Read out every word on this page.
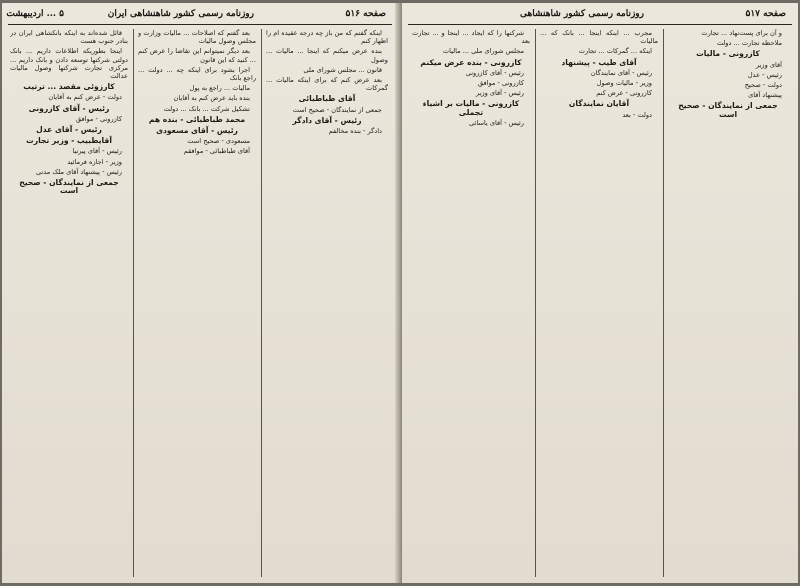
صفحه ۵۱۶
روزنامه رسمی کشور شاهنشاهی ایران
۵ ... اردیبهشت

قائل شده‌اند به اینکه بانکشاهی ایران در بنادر جنوب هست

اینجا بطوریکه اطلاعات داریم ... بانک دولتی شرکتها توسعه دادن و بانک داریم ... مرکزی تجارت شرکتها وصول مالیات عدالت

کارزوئی مقصد ... ترتیب

دولت - عرض کنم به آقایان

رئیس - آقای کازرونی

کازرونی - موافق

رئیس - آقای عدل

آقایطبیب - وزیر تجارت

رئیس - آقای پیرنیا

وزیر - اجازه فرمائید

رئیس - پیشنهاد آقای ملک مدنی

جمعی از نمایندگان - صحیح است

بعد گفتم که اصلاحات ... مالیات وزارت و مجلس وصول مالیات

بعد دیگر نمیتوانم این تقاضا را عرض کنم ... کنید که این قانون

اجرا بشود برای اینکه چه ... دولت ... راجع بانک

مالیات ... راجع به پول

بنده باید عرض کنم به آقایان

تشکیل شرکت ... بانک ... دولت

محمد طباطبائی - بنده هم

رئیس - آقای مسعودی

مسعودی - صحیح است

آقای طباطبائی - موافقم

اینکه گفتم که من باز چه درجه عقیده ام را اظهار کنم

بنده عرض میکنم که اینجا ... مالیات ... وصول

قانون ... مجلس شورای ملی

بعد عرض کنم که برای اینکه مالیات ... گمرکات

آقای طباطبائی

جمعی از نمایندگان - صحیح است

رئیس - آقای دادگر

دادگر - بنده مخالفم

صفحه ۵۱۷
روزنامه رسمی کشور شاهنشاهی

شرکتها را که ایجاد ... اینجا و ... تجارت بعد

مجلس شورای ملی ... مالیات

کازرونی - بنده عرض میکنم

رئیس - آقای کازرونی

کازرونی - موافق

رئیس - آقای وزیر

کازرونی - مالیات بر اشیاء تجملی

رئیس - آقای یاسائی

مجرب ... اینکه اینجا ... بانک که ... مالیات

اینکه ... گمرکات ... تجارت

آقای طیب - پیشنهاد

رئیس - آقای نمایندگان

وزیر - مالیات وصول

کازرونی - عرض کنم

آقایان نمایندگان

دولت - بعد

و آن برای پست‌نهاد ... تجارت

ملاحظه تجارت ... دولت

کازرونی - مالیات

آقای وزیر

رئیس - عدل

دولت - صحیح

پیشنهاد آقای

جمعی از نمایندگان - صحیح است
